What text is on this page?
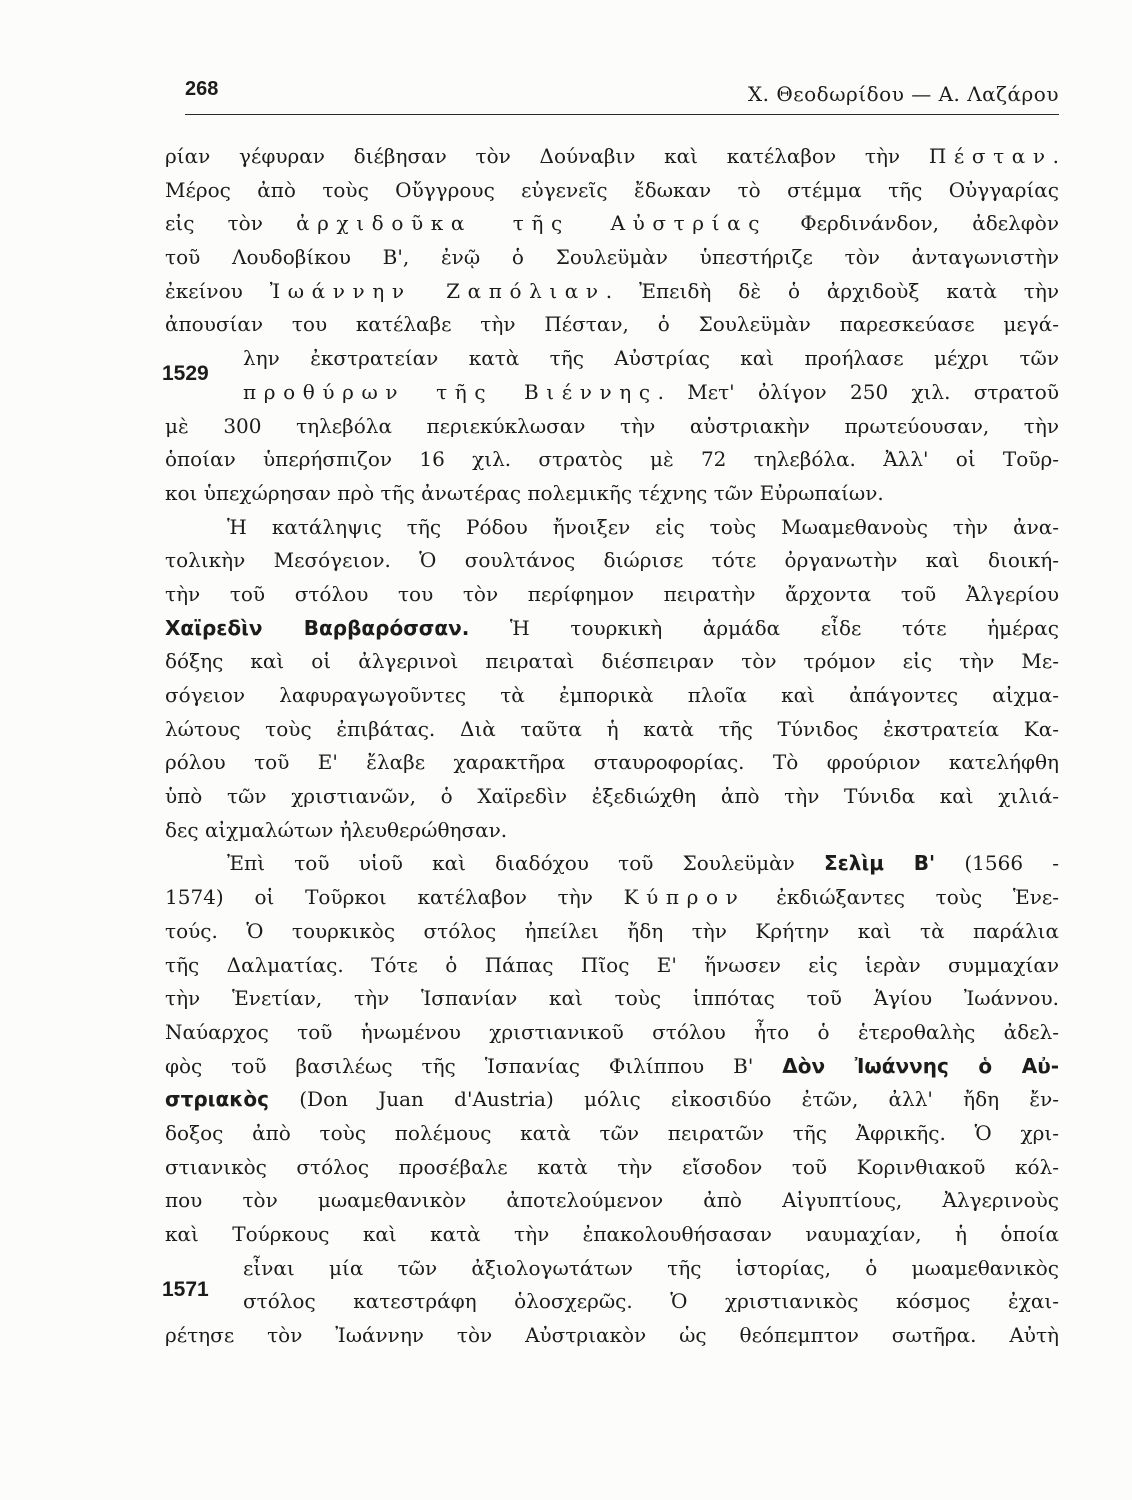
268	Χ. Θεοδωρίδου — Α. Λαζάρου
1529
1571
ρίαν γέφυραν διέβησαν τὸν Δούναβιν καὶ κατέλαβον τὴν Πέσταν.
Μέρος ἀπὸ τοὺς Οὔγγρους εὐγενεῖς ἔδωκαν τὸ στέμμα τῆς Οὐγγαρίας
εἰς τὸν ἀρχιδοῦκα τῆς Αὐστρίας Φερδινάνδον, ἀδελφὸν
τοῦ Λουδοβίκου Β', ἐνῷ ὁ Σουλεϋμὰν ὑπεστήριζε τὸν ἀνταγωνιστὴν
ἐκείνου Ἰωάννην Ζαπόλιαν. Ἐπειδὴ δὲ ὁ ἀρχιδοὺξ κατὰ τὴν
ἀπουσίαν του κατέλαβε τὴν Πέσταν, ὁ Σουλεϋμὰν παρεσκεύασε μεγά-
λην ἐκστρατείαν κατὰ τῆς Αὐστρίας καὶ προήλασε μέχρι τῶν
προθύρων τῆς Βιέννης. Μετ' ὀλίγον 250 χιλ. στρατοῦ
μὲ 300 τηλεβόλα περιεκύκλωσαν τὴν αὐστριακὴν πρωτεύουσαν, τὴν
ὁποίαν ὑπερήσπιζον 16 χιλ. στρατὸς μὲ 72 τηλεβόλα. Ἀλλ' οἱ Τοῦρ-
κοι ὑπεχώρησαν πρὸ τῆς ἀνωτέρας πολεμικῆς τέχνης τῶν Εὐρωπαίων.
Ἡ κατάληψις τῆς Ρόδου ἤνοιξεν εἰς τοὺς Μωαμεθανοὺς τὴν ἀνα-
τολικὴν Μεσόγειον. Ὁ σουλτάνος διώρισε τότε ὀργανωτὴν καὶ διοική-
τὴν τοῦ στόλου του τὸν περίφημον πειρατὴν ἄρχοντα τοῦ Ἀλγερίου
Χαϊρεδὶν Βαρβαρόσσαν. Ἡ τουρκικὴ ἀρμάδα εἶδε τότε ἡμέρας
δόξης καὶ οἱ ἀλγερινοὶ πειραταὶ διέσπειραν τὸν τρόμον εἰς τὴν Με-
σόγειον λαφυραγωγοῦντες τὰ ἐμπορικὰ πλοῖα καὶ ἀπάγοντες αἰχμα-
λώτους τοὺς ἐπιβάτας. Διὰ ταῦτα ἡ κατὰ τῆς Τύνιδος ἐκστρατεία Κα-
ρόλου τοῦ Ε' ἔλαβε χαρακτῆρα σταυροφορίας. Τὸ φρούριον κατελήφθη
ὑπὸ τῶν χριστιανῶν, ὁ Χαϊρεδὶν ἐξεδιώχθη ἀπὸ τὴν Τύνιδα καὶ χιλιά-
δες αἰχμαλώτων ἠλευθερώθησαν.
Ἐπὶ τοῦ υἱοῦ καὶ διαδόχου τοῦ Σουλεϋμὰν Σελὶμ Β' (1566 -
1574) οἱ Τοῦρκοι κατέλαβον τὴν Κύπρον ἐκδιώξαντες τοὺς Ἑνε-
τούς. Ὁ τουρκικὸς στόλος ἠπείλει ἤδη τὴν Κρήτην καὶ τὰ παράλια
τῆς Δαλματίας. Τότε ὁ Πάπας Πῖος Ε' ἥνωσεν εἰς ἱερὰν συμμαχίαν
τὴν Ἑνετίαν, τὴν Ἱσπανίαν καὶ τοὺς ἱππότας τοῦ Ἁγίου Ἰωάννου.
Ναύαρχος τοῦ ἡνωμένου χριστιανικοῦ στόλου ἦτο ὁ ἑτεροθαλὴς ἀδελ-
φὸς τοῦ βασιλέως τῆς Ἱσπανίας Φιλίππου Β' Δὸν Ἰωάννης ὁ Αὐ-
στριακὸς (Don Juan d'Austria) μόλις εἰκοσιδύο ἐτῶν, ἀλλ' ἤδη ἔν-
δοξος ἀπὸ τοὺς πολέμους κατὰ τῶν πειρατῶν τῆς Ἀφρικῆς. Ὁ χρι-
στιανικὸς στόλος προσέβαλε κατὰ τὴν εἴσοδον τοῦ Κορινθιακοῦ κόλ-
που τὸν μωαμεθανικὸν ἀποτελούμενον ἀπὸ Αἰγυπτίους, Ἀλγερινοὺς
καὶ Τούρκους καὶ κατὰ τὴν ἐπακολουθήσασαν ναυμαχίαν, ἡ ὁποία
εἶναι μία τῶν ἀξιολογωτάτων τῆς ἱστορίας, ὁ μωαμεθανικὸς
στόλος κατεστράφη ὁλοσχερῶς. Ὁ χριστιανικὸς κόσμος ἐχαι-
ρέτησε τὸν Ἰωάννην τὸν Αὐστριακὸν ὡς θεόπεμπτον σωτῆρα. Αὐτὴ
